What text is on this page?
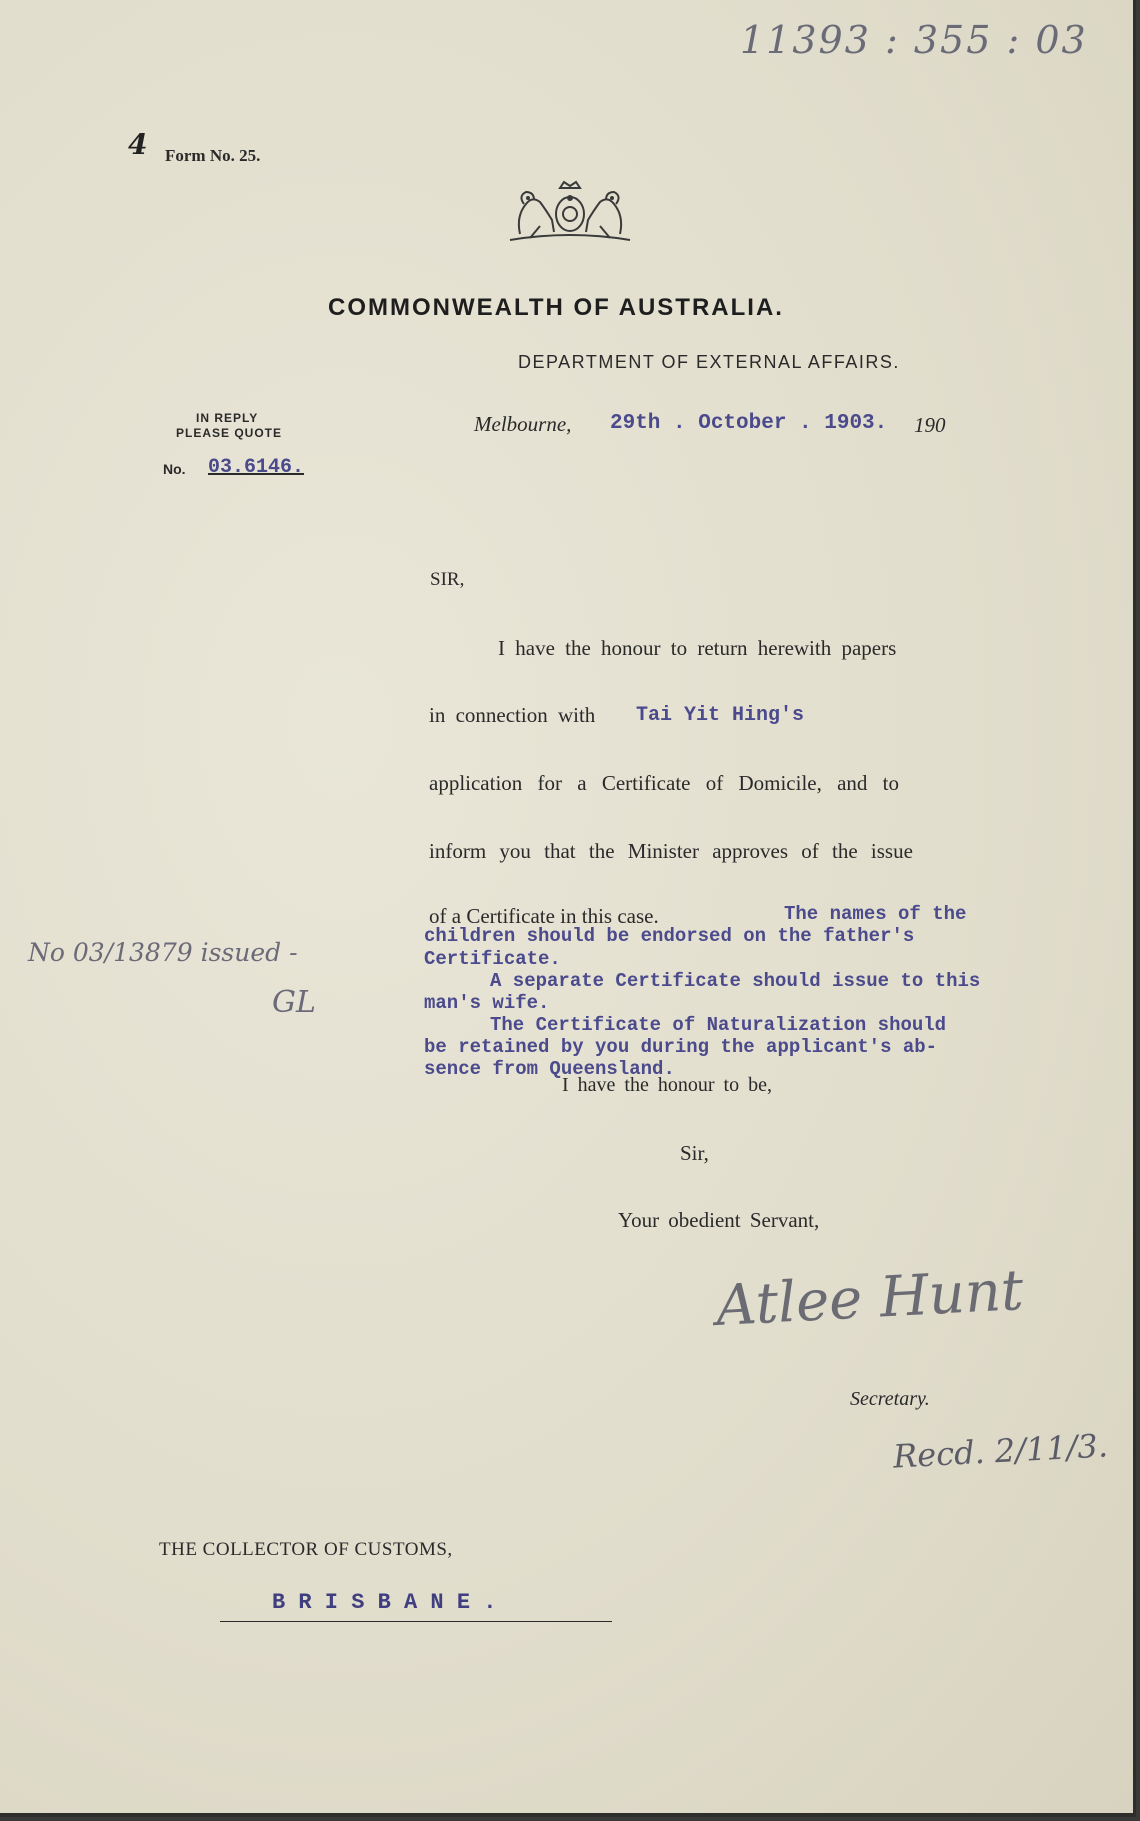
11393 : 355 : 03
4 Form No. 25.
COMMONWEALTH OF AUSTRALIA.
DEPARTMENT OF EXTERNAL AFFAIRS.
IN REPLY
PLEASE QUOTE
No. 03.6146.
Melbourne, 29th . October . 1903. 190
SIR,
I have the honour to return herewith papers
in connection with Tai Yit Hing's
application for a Certificate of Domicile, and to
inform you that the Minister approves of the issue
of a Certificate in this case.	The names of the
children should be endorsed on the father's
Certificate.
A separate Certificate should issue to this
man's wife.
The Certificate of Naturalization should
be retained by you during the applicant's ab-
sence from Queensland.
I have the honour to be,
No 03/13879 issued -
GL
Sir,
Your obedient Servant,
Atlee Hunt
Secretary.
Recd. 2/11/3.
THE COLLECTOR OF CUSTOMS,
B R I S B A N E .
